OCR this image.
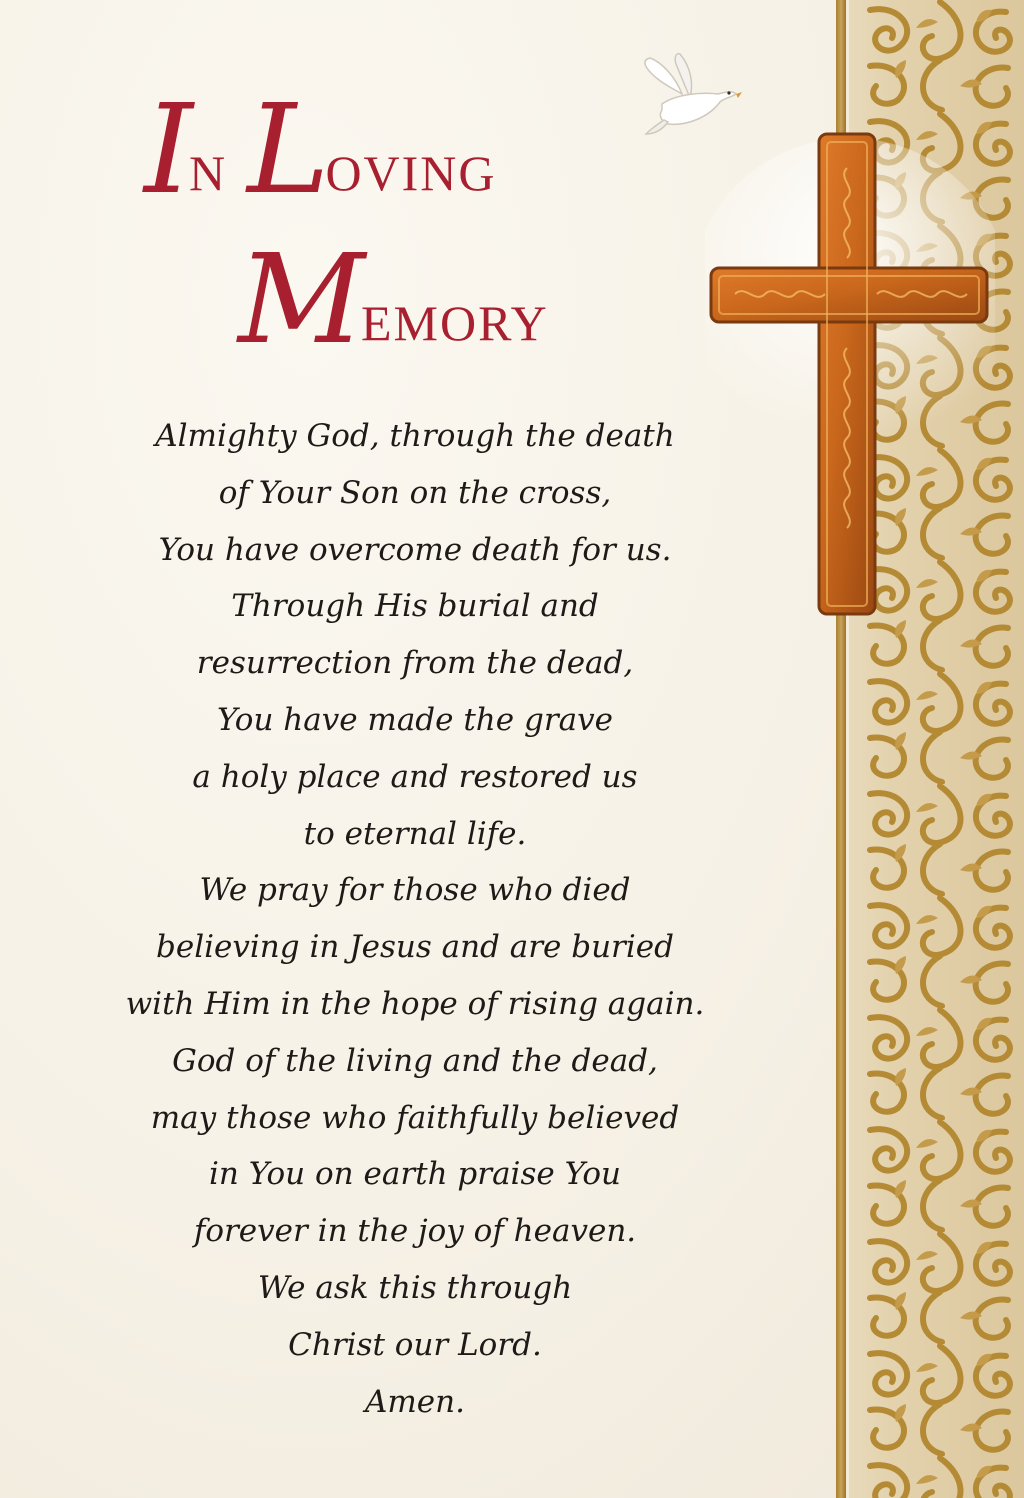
IN LOVING
MEMORY
Almighty God, through the death
of Your Son on the cross,
You have overcome death for us.
Through His burial and
resurrection from the dead,
You have made the grave
a holy place and restored us
to eternal life.
We pray for those who died
believing in Jesus and are buried
with Him in the hope of rising again.
God of the living and the dead,
may those who faithfully believed
in You on earth praise You
forever in the joy of heaven.
We ask this through
Christ our Lord.
Amen.
